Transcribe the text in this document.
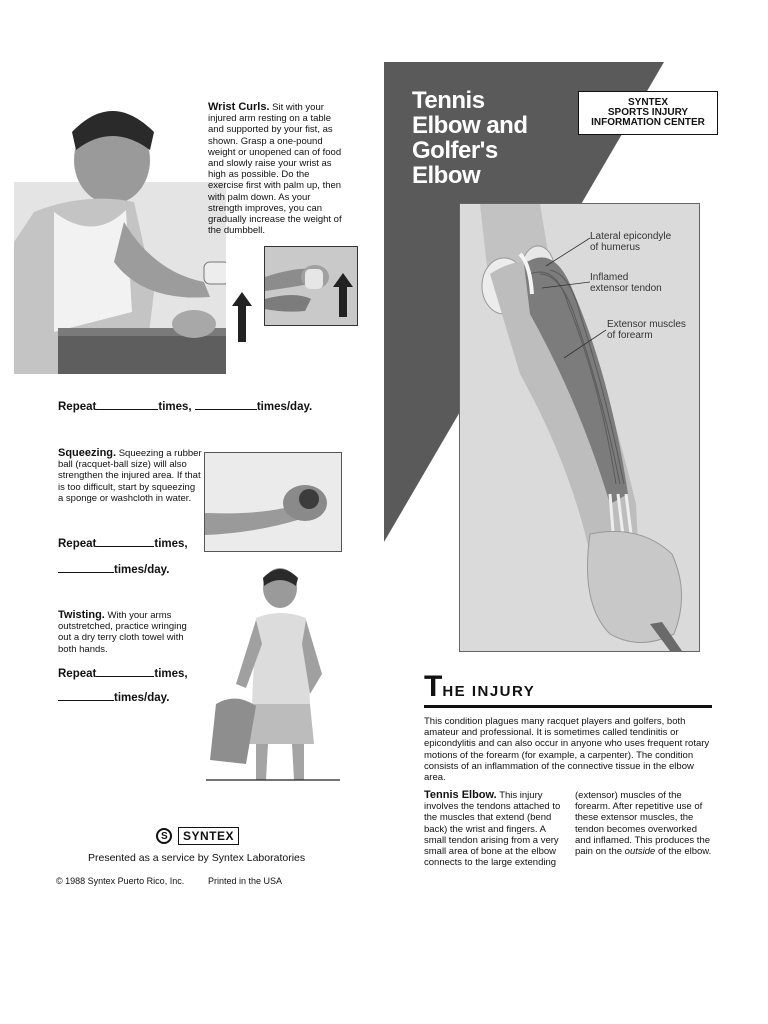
Wrist Curls. Sit with your injured arm resting on a table and supported by your fist, as shown. Grasp a one-pound weight or unopened can of food and slowly raise your wrist as high as possible. Do the exercise first with palm up, then with palm down. As your strength improves, you can gradually increase the weight of the dumbbell.
Repeat	times,	times/day.
Squeezing. Squeezing a rubber ball (racquet-ball size) will also strengthen the injured area. If that is too difficult, start by squeezing a sponge or washcloth in water.
Repeat	times,
times/day.
Twisting. With your arms outstretched, practice wringing out a dry terry cloth towel with both hands.
Repeat	times,
times/day.
S	SYNTEX
Presented as a service by Syntex Laboratories
© 1988 Syntex Puerto Rico, Inc.	Printed in the USA
Tennis
Elbow and
Golfer's
Elbow
SYNTEX
SPORTS INJURY
INFORMATION CENTER
Lateral epicondyle
of humerus
Inflamed
extensor tendon
Extensor muscles
of forearm
THE INJURY
This condition plagues many racquet players and golfers, both amateur and professional. It is sometimes called tendinitis or epicondylitis and can also occur in anyone who uses frequent rotary motions of the forearm (for example, a carpenter). The condition consists of an inflammation of the connective tissue in the elbow area.
Tennis Elbow. This injury involves the tendons attached to the muscles that extend (bend back) the wrist and fingers. A small tendon arising from a very small area of bone at the elbow connects to the large extending (extensor) muscles of the forearm. After repetitive use of these extensor muscles, the tendon becomes overworked and inflamed. This produces the pain on the outside of the elbow.
